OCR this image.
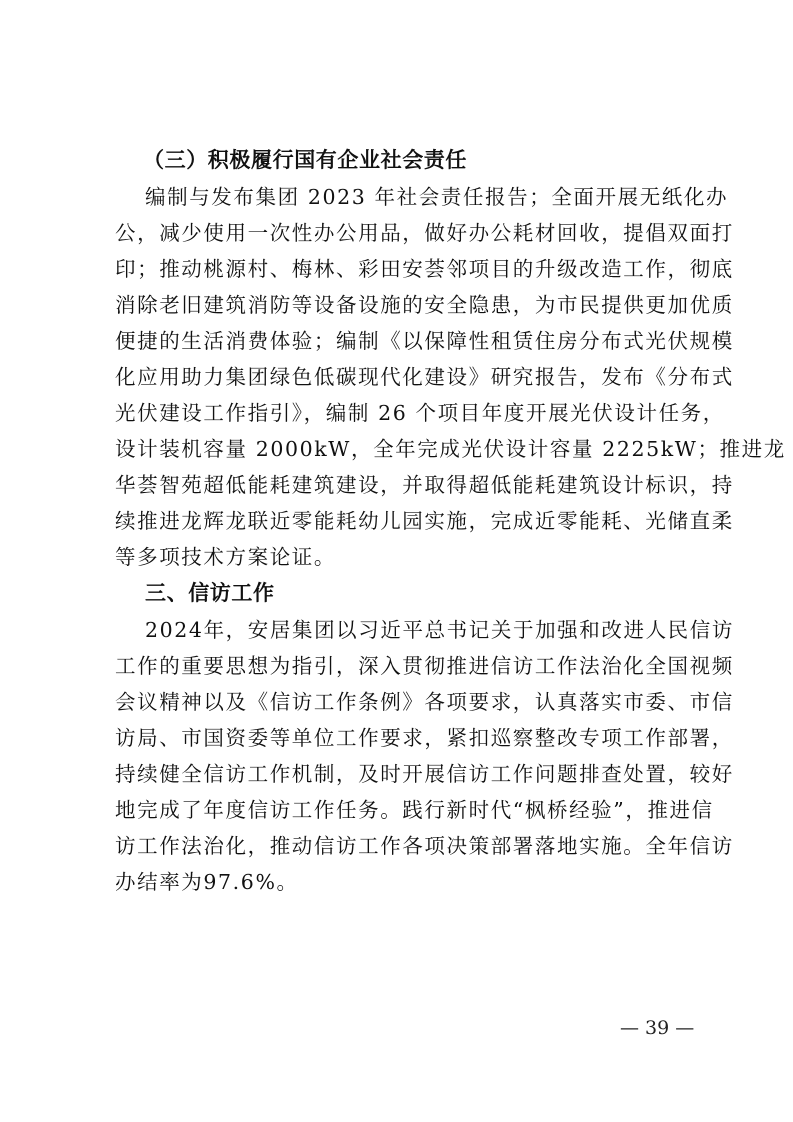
（三）积极履行国有企业社会责任
编制与发布集团 2023 年社会责任报告；全面开展无纸化办
公，减少使用一次性办公用品，做好办公耗材回收，提倡双面打
印；推动桃源村、梅林、彩田安荟邻项目的升级改造工作，彻底
消除老旧建筑消防等设备设施的安全隐患，为市民提供更加优质
便捷的生活消费体验；编制《以保障性租赁住房分布式光伏规模
化应用助力集团绿色低碳现代化建设》研究报告，发布《分布式
光伏建设工作指引》，编制 26 个项目年度开展光伏设计任务，
设计装机容量 2000kW，全年完成光伏设计容量 2225kW；推进龙
华荟智苑超低能耗建筑建设，并取得超低能耗建筑设计标识，持
续推进龙辉龙联近零能耗幼儿园实施，完成近零能耗、光储直柔
等多项技术方案论证。
三、信访工作
2024年，安居集团以习近平总书记关于加强和改进人民信访
工作的重要思想为指引，深入贯彻推进信访工作法治化全国视频
会议精神以及《信访工作条例》各项要求，认真落实市委、市信
访局、市国资委等单位工作要求，紧扣巡察整改专项工作部署，
持续健全信访工作机制，及时开展信访工作问题排查处置，较好
地完成了年度信访工作任务。践行新时代“枫桥经验”，推进信
访工作法治化，推动信访工作各项决策部署落地实施。全年信访
办结率为97.6%。
— 39 —
